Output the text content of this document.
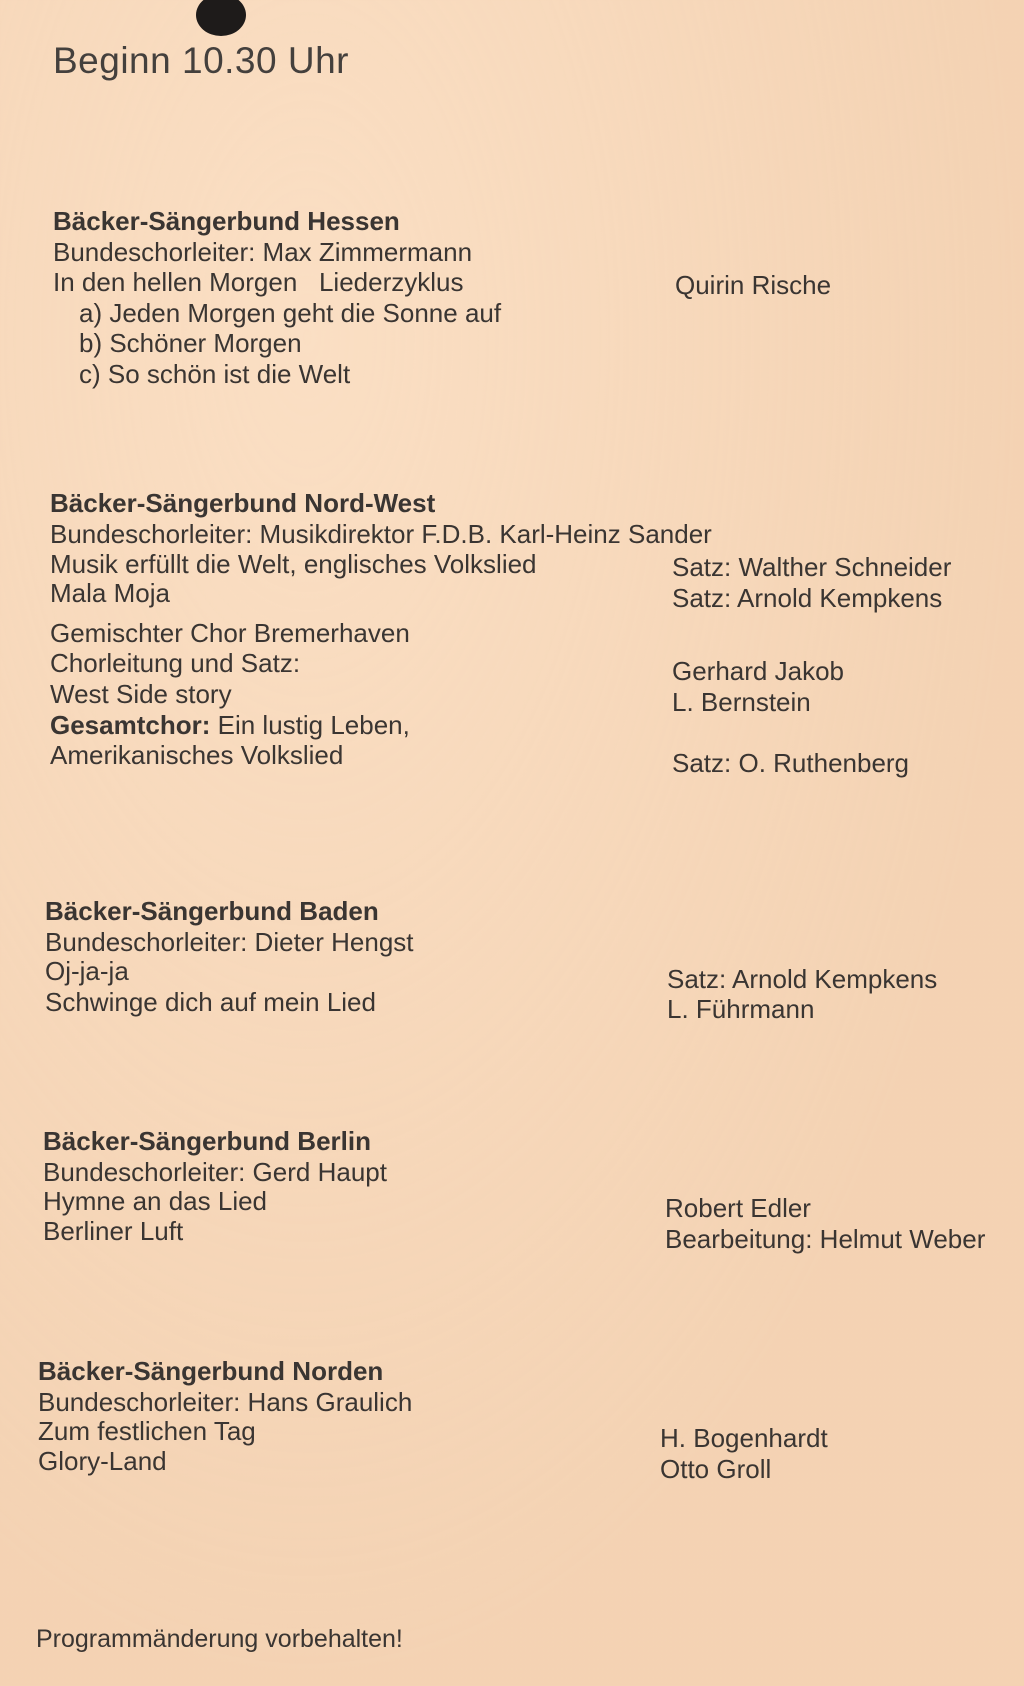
Beginn 10.30 Uhr
Bäcker-Sängerbund Hessen
Bundeschorleiter: Max Zimmermann
In den hellen Morgen Liederzyklus
a) Jeden Morgen geht die Sonne auf
b) Schöner Morgen
c) So schön ist die Welt
Quirin Rische
Bäcker-Sängerbund Nord-West
Bundeschorleiter: Musikdirektor F.D.B. Karl-Heinz Sander
Musik erfüllt die Welt, englisches Volkslied
Mala Moja
Gemischter Chor Bremerhaven
Chorleitung und Satz:
West Side story
Gesamtchor: Ein lustig Leben,
Amerikanisches Volkslied
Satz: Walther Schneider
Satz: Arnold Kempkens
Gerhard Jakob
L. Bernstein
Satz: O. Ruthenberg
Bäcker-Sängerbund Baden
Bundeschorleiter: Dieter Hengst
Oj-ja-ja
Schwinge dich auf mein Lied
Satz: Arnold Kempkens
L. Führmann
Bäcker-Sängerbund Berlin
Bundeschorleiter: Gerd Haupt
Hymne an das Lied
Berliner Luft
Robert Edler
Bearbeitung: Helmut Weber
Bäcker-Sängerbund Norden
Bundeschorleiter: Hans Graulich
Zum festlichen Tag
Glory-Land
H. Bogenhardt
Otto Groll
Programmänderung vorbehalten!
